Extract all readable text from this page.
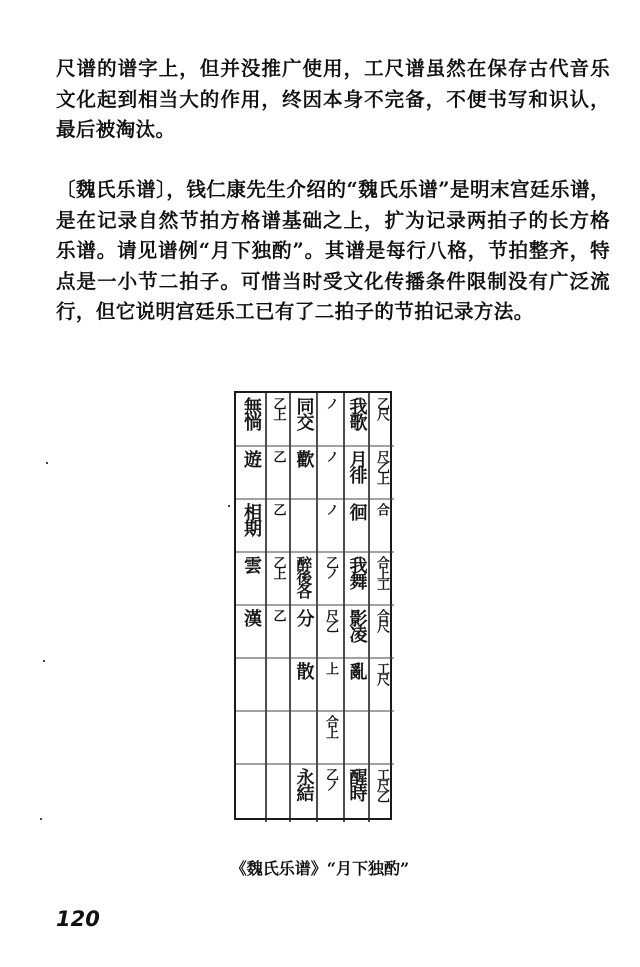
尺谱的谱字上，但并没推广使用，工尺谱虽然在保存古代音乐文化起到相当大的作用，终因本身不完备，不便书写和识认，最后被淘汰。

〔魏氏乐谱〕，钱仁康先生介绍的“魏氏乐谱”是明末宫廷乐谱，是在记录自然节拍方格谱基础之上，扩为记录两拍子的长方格乐谱。请见谱例“月下独酌”。其谱是每行八格，节拍整齐，特点是一小节二拍子。可惜当时受文化传播条件限制没有广泛流行，但它说明宫廷乐工已有了二拍子的节拍记录方法。

無惝
遊
相期
雲
漢
乙上
乙
乙
乙上
乙
同交
歡
醉後各
分
散
永結
ノ
ノ
ノ
乙ノ
尺乙
上
合上
乙ノ
我歌
月徘
徊
我舞
影凌
亂
醒時
乙尺
尺乙上
合
合上工
合尺
工尺
工尺乙
《魏氏乐谱》“月下独酌”
120
